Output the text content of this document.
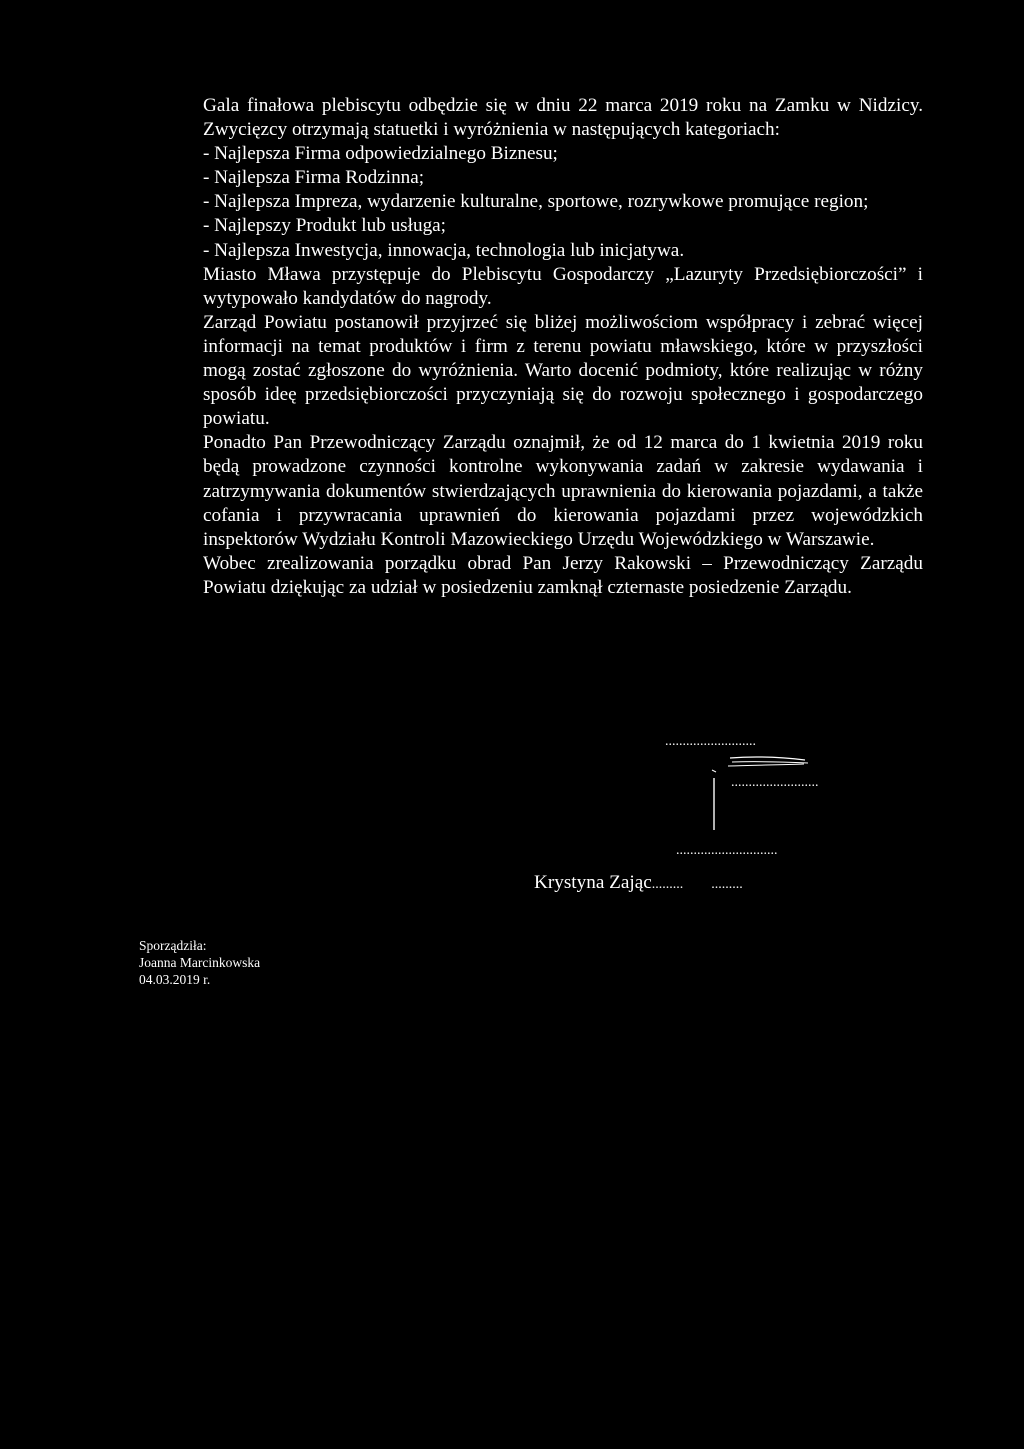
Gala finałowa plebiscytu odbędzie się w dniu 22 marca 2019 roku na Zamku w Nidzicy. Zwycięzcy otrzymają statuetki i wyróżnienia w następujących kategoriach:

- Najlepsza Firma odpowiedzialnego Biznesu;
- Najlepsza Firma Rodzinna;
- Najlepsza Impreza, wydarzenie kulturalne, sportowe, rozrywkowe promujące region;
- Najlepszy Produkt lub usługa;
- Najlepsza Inwestycja, innowacja, technologia lub inicjatywa.

Miasto Mława przystępuje do Plebiscytu Gospodarczy „Lazuryty Przedsiębiorczości” i wytypowało kandydatów do nagrody.

Zarząd Powiatu postanowił przyjrzeć się bliżej możliwościom współpracy i zebrać więcej informacji na temat produktów i firm z terenu powiatu mławskiego, które w przyszłości mogą zostać zgłoszone do wyróżnienia. Warto docenić podmioty, które realizując w różny sposób ideę przedsiębiorczości przyczyniają się do rozwoju społecznego i gospodarczego powiatu.

Ponadto Pan Przewodniczący Zarządu oznajmił, że od 12 marca do 1 kwietnia 2019 roku będą prowadzone czynności kontrolne wykonywania zadań w zakresie wydawania i zatrzymywania dokumentów stwierdzających uprawnienia do kierowania pojazdami, a także cofania i przywracania uprawnień do kierowania pojazdami przez wojewódzkich inspektorów Wydziału Kontroli Mazowieckiego Urzędu Wojewódzkiego w Warszawie.

Wobec zrealizowania porządku obrad Pan Jerzy Rakowski – Przewodniczący Zarządu Powiatu dziękując za udział w posiedzeniu zamknął czternaste posiedzenie Zarządu.

..........................
.........................
.............................
Krystyna Zając......... .........
Sporządziła:
Joanna Marcinkowska
04.03.2019 r.
